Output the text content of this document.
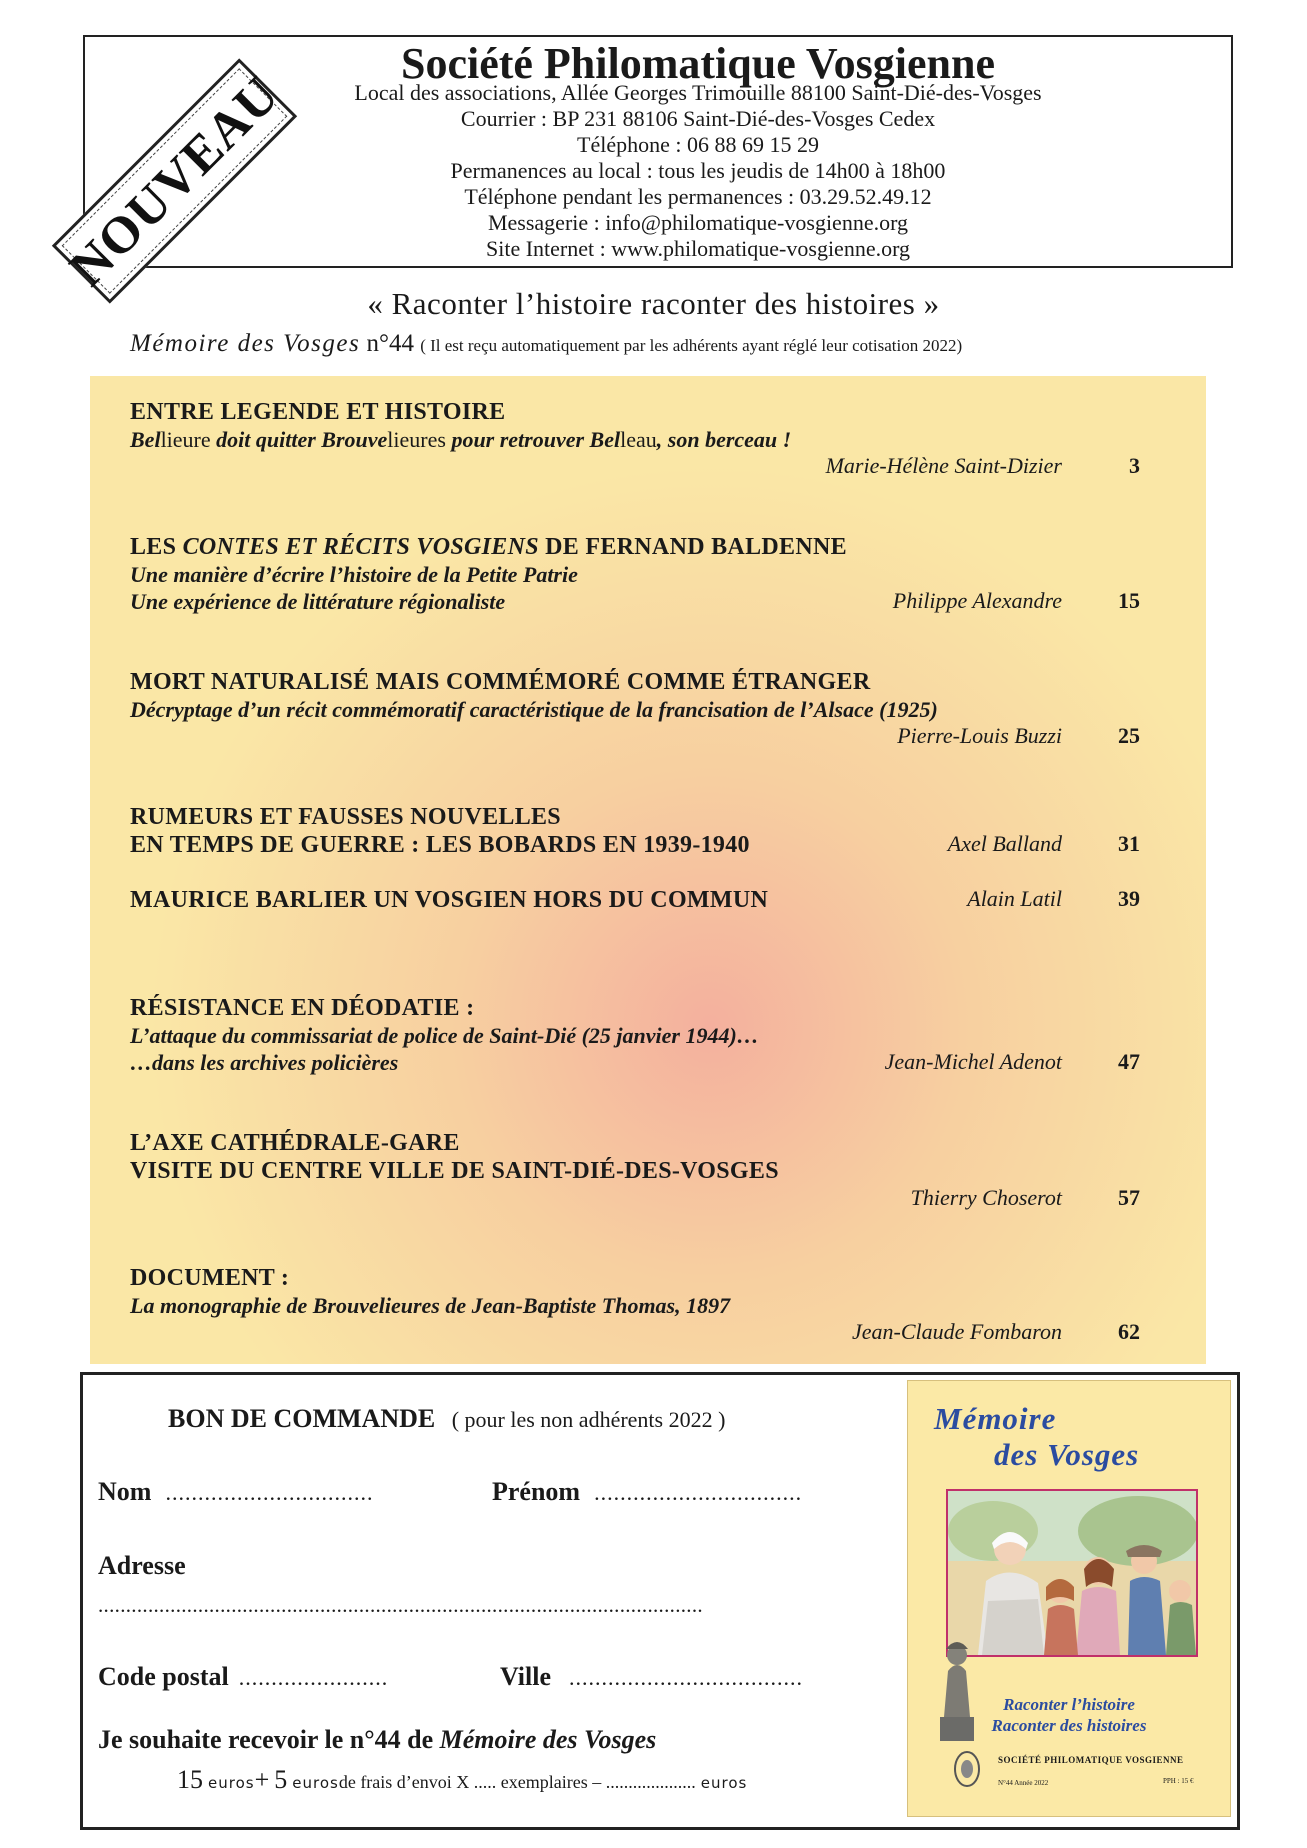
Société Philomatique Vosgienne
Local des associations, Allée Georges Trimouille 88100 Saint-Dié-des-Vosges
Courrier : BP 231 88106 Saint-Dié-des-Vosges Cedex
Téléphone : 06 88 69 15 29
Permanences au local : tous les jeudis de 14h00 à 18h00
Téléphone pendant les permanences : 03.29.52.49.12
Messagerie : info@philomatique-vosgienne.org
Site Internet : www.philomatique-vosgienne.org
NOUVEAU
« Raconter l’histoire raconter des histoires »
Mémoire des Vosges n°44 ( Il est reçu automatiquement par les adhérents ayant réglé leur cotisation 2022)
ENTRE LEGENDE ET HISTOIRE
Bellieure doit quitter Brouvelieures pour retrouver Belleau, son berceau !
Marie-Hélène Saint-Dizier	3
LES CONTES ET RÉCITS VOSGIENS DE FERNAND BALDENNE
Une manière d’écrire l’histoire de la Petite Patrie
Une expérience de littérature régionaliste	Philippe Alexandre	15
MORT NATURALISÉ MAIS COMMÉMORÉ COMME ÉTRANGER
Décryptage d’un récit commémoratif caractéristique de la francisation de l’Alsace (1925)
Pierre-Louis Buzzi	25
RUMEURS ET FAUSSES NOUVELLES
EN TEMPS DE GUERRE : LES BOBARDS EN 1939-1940	Axel Balland	31
MAURICE BARLIER UN VOSGIEN HORS DU COMMUN	Alain Latil	39
RÉSISTANCE EN DÉODATIE :
L’attaque du commissariat de police de Saint-Dié (25 janvier 1944)…
…dans les archives policières	Jean-Michel Adenot	47
L’AXE CATHÉDRALE-GARE
VISITE DU CENTRE VILLE DE SAINT-DIÉ-DES-VOSGES
Thierry Choserot	57
DOCUMENT :
La monographie de Brouvelieures de Jean-Baptiste Thomas, 1897
Jean-Claude Fombaron	62
BON DE COMMANDE ( pour les non adhérents 2022 )
Nom ................................	Prénom ................................
Adresse
.............................................................................................................
Code postal .......................	Ville ....................................
Je souhaite recevoir le n°44 de Mémoire des Vosges
15 euros+ 5 eurosde frais d’envoi X ..... exemplaires – .................... euros
Mémoire
des Vosges
Raconter l’histoire
Raconter des histoires
SOCIÉTÉ PHILOMATIQUE VOSGIENNE
N°44 Année 2022	PPH : 15 €
